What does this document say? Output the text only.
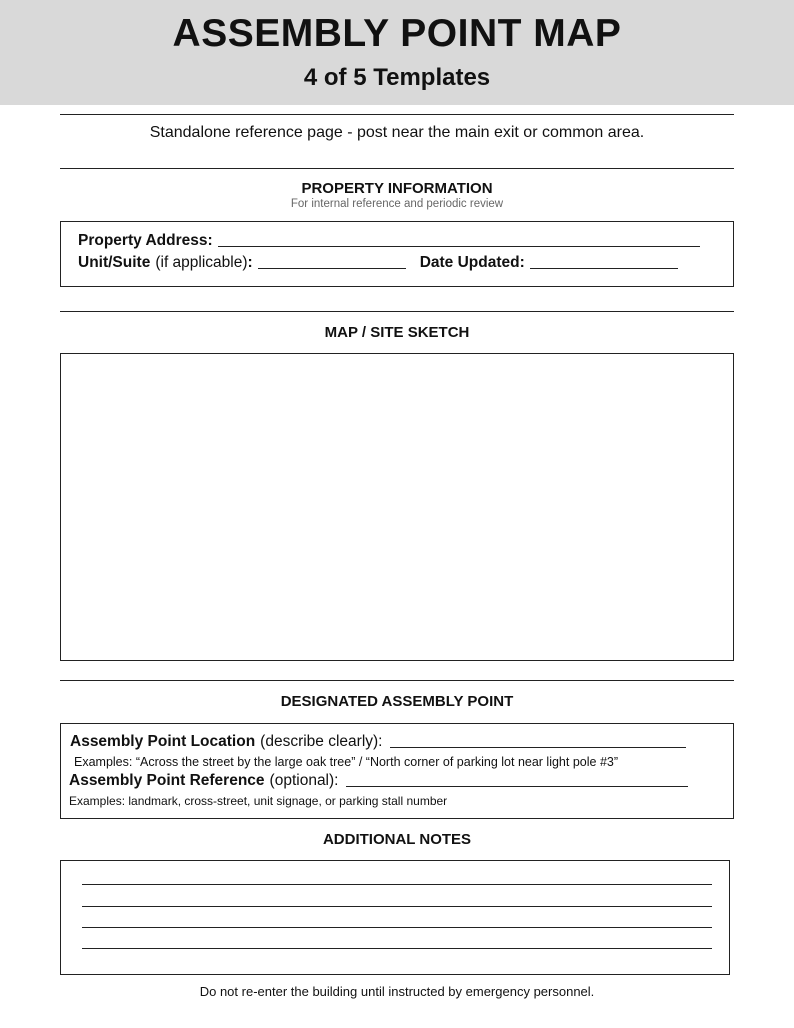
ASSEMBLY POINT MAP
4 of 5 Templates
Standalone reference page - post near the main exit or common area.
PROPERTY INFORMATION
For internal reference and periodic review
Property Address:
Unit/Suite (if applicable) :	Date Updated:
MAP / SITE SKETCH
DESIGNATED ASSEMBLY POINT
Assembly Point Location (describe clearly):
Examples: “Across the street by the large oak tree” / “North corner of parking lot near light pole #3”
Assembly Point Reference (optional):
Examples: landmark, cross-street, unit signage, or parking stall number
ADDITIONAL NOTES
Do not re-enter the building until instructed by emergency personnel.
